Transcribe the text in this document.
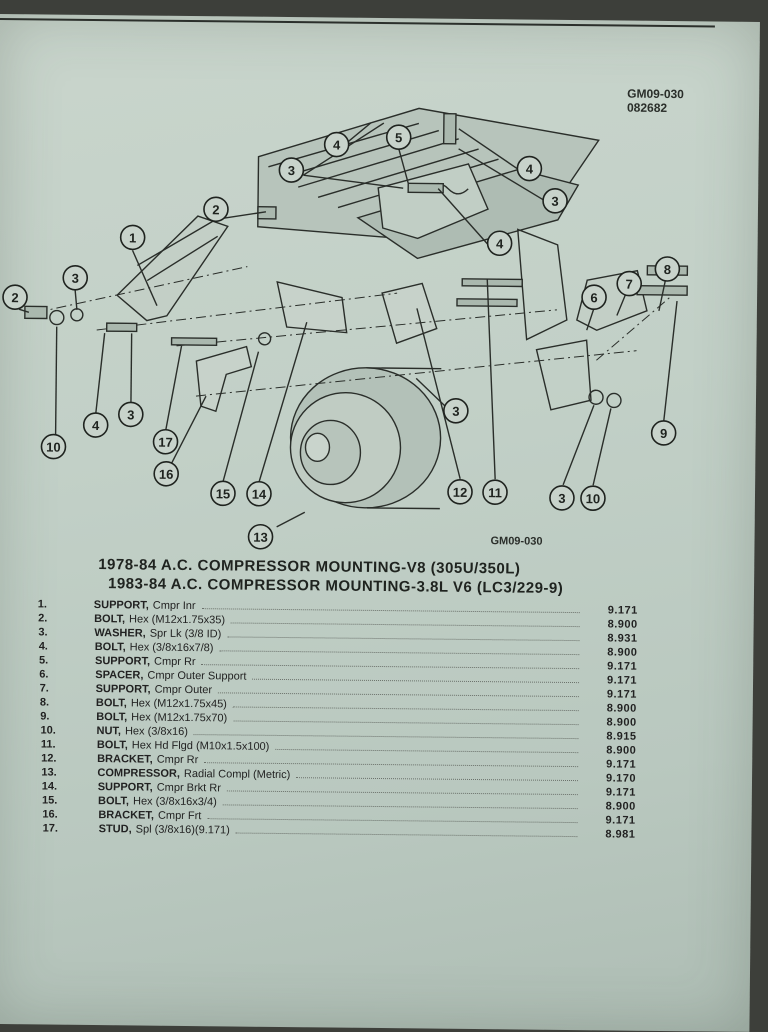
GM09-030
082682
1
2
2
3
10
4
3
17
16
15 14
13
12 11
3
6
7
8
9
3 10
3
4	5
4
3
4
GM09-030
1978-84 A.C. COMPRESSOR MOUNTING-V8 (305U/350L)
1983-84 A.C. COMPRESSOR MOUNTING-3.8L V6 (LC3/229-9)
1.	SUPPORT, Cmpr Inr	9.171
2.	BOLT, Hex (M12x1.75x35)	8.900
3.	WASHER, Spr Lk (3/8 ID)	8.931
4.	BOLT, Hex (3/8x16x7/8)	8.900
5.	SUPPORT, Cmpr Rr	9.171
6.	SPACER, Cmpr Outer Support	9.171
7.	SUPPORT, Cmpr Outer	9.171
8.	BOLT, Hex (M12x1.75x45)	8.900
9.	BOLT, Hex (M12x1.75x70)	8.900
10.	NUT, Hex (3/8x16)	8.915
11.	BOLT, Hex Hd Flgd (M10x1.5x100)	8.900
12.	BRACKET, Cmpr Rr	9.171
13.	COMPRESSOR, Radial Compl (Metric)	9.170
14.	SUPPORT, Cmpr Brkt Rr	9.171
15.	BOLT, Hex (3/8x16x3/4)	8.900
16.	BRACKET, Cmpr Frt	9.171
17.	STUD, Spl (3/8x16)(9.171)	8.981
